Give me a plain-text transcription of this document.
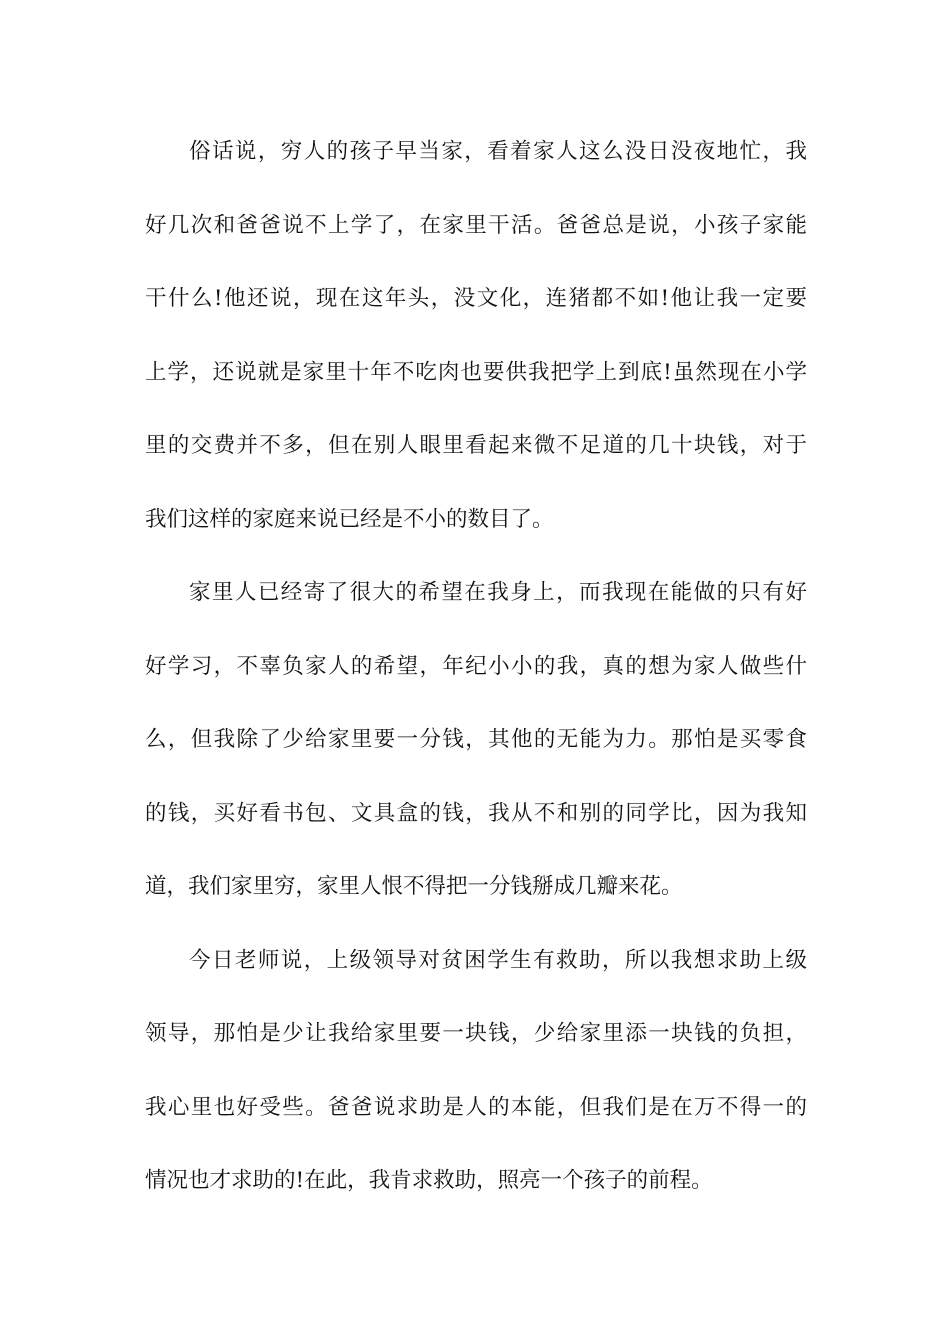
俗话说，穷人的孩子早当家，看着家人这么没日没夜地忙，我
好几次和爸爸说不上学了，在家里干活。爸爸总是说，小孩子家能
干什么!他还说，现在这年头，没文化，连猪都不如!他让我一定要
上学，还说就是家里十年不吃肉也要供我把学上到底!虽然现在小学
里的交费并不多，但在别人眼里看起来微不足道的几十块钱，对于
我们这样的家庭来说已经是不小的数目了。
家里人已经寄了很大的希望在我身上，而我现在能做的只有好
好学习，不辜负家人的希望，年纪小小的我，真的想为家人做些什
么，但我除了少给家里要一分钱，其他的无能为力。那怕是买零食
的钱，买好看书包、文具盒的钱，我从不和别的同学比，因为我知
道，我们家里穷，家里人恨不得把一分钱掰成几瓣来花。
今日老师说，上级领导对贫困学生有救助，所以我想求助上级
领导，那怕是少让我给家里要一块钱，少给家里添一块钱的负担，
我心里也好受些。爸爸说求助是人的本能，但我们是在万不得一的
情况也才求助的!在此，我肯求救助，照亮一个孩子的前程。
